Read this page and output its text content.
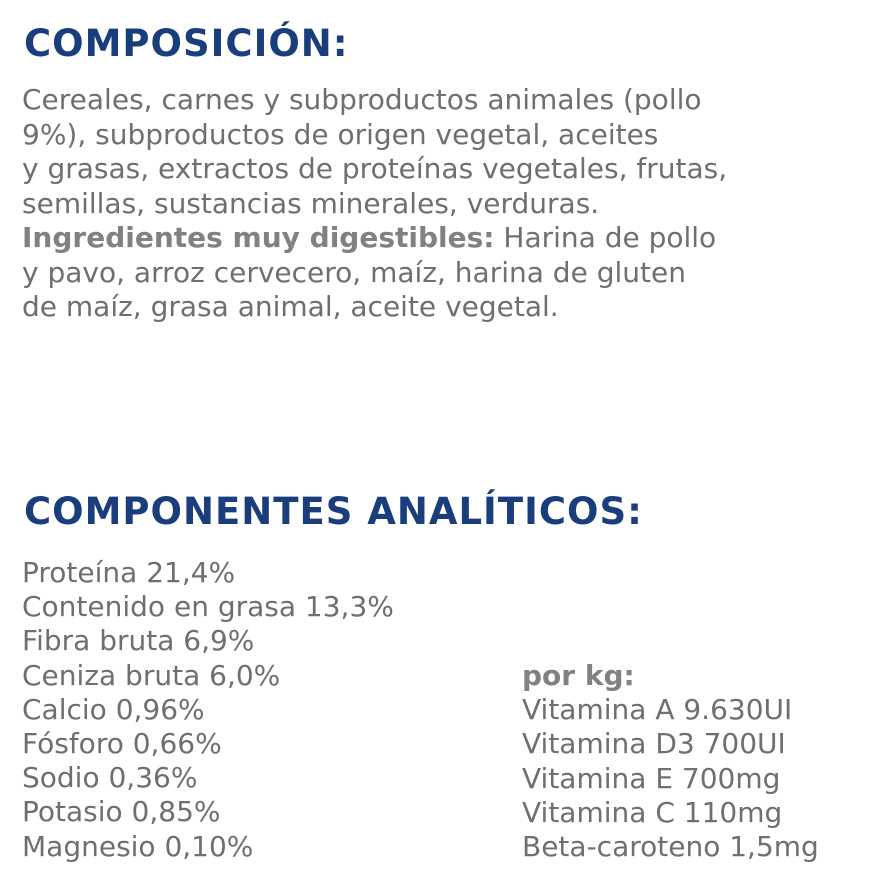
COMPOSICIÓN:

Cereales, carnes y subproductos animales (pollo
9%), subproductos de origen vegetal, aceites
y grasas, extractos de proteínas vegetales, frutas,
semillas, sustancias minerales, verduras.
Ingredientes muy digestibles: Harina de pollo
y pavo, arroz cervecero, maíz, harina de gluten
de maíz, grasa animal, aceite vegetal.

COMPONENTES ANALÍTICOS:
Proteína 21,4%
Contenido en grasa 13,3%
Fibra bruta 6,9%
Ceniza bruta 6,0%
Calcio 0,96%
Fósforo 0,66%
Sodio 0,36%
Potasio 0,85%
Magnesio 0,10%
por kg:
Vitamina A 9.630UI
Vitamina D3 700UI
Vitamina E 700mg
Vitamina C 110mg
Beta-caroteno 1,5mg
